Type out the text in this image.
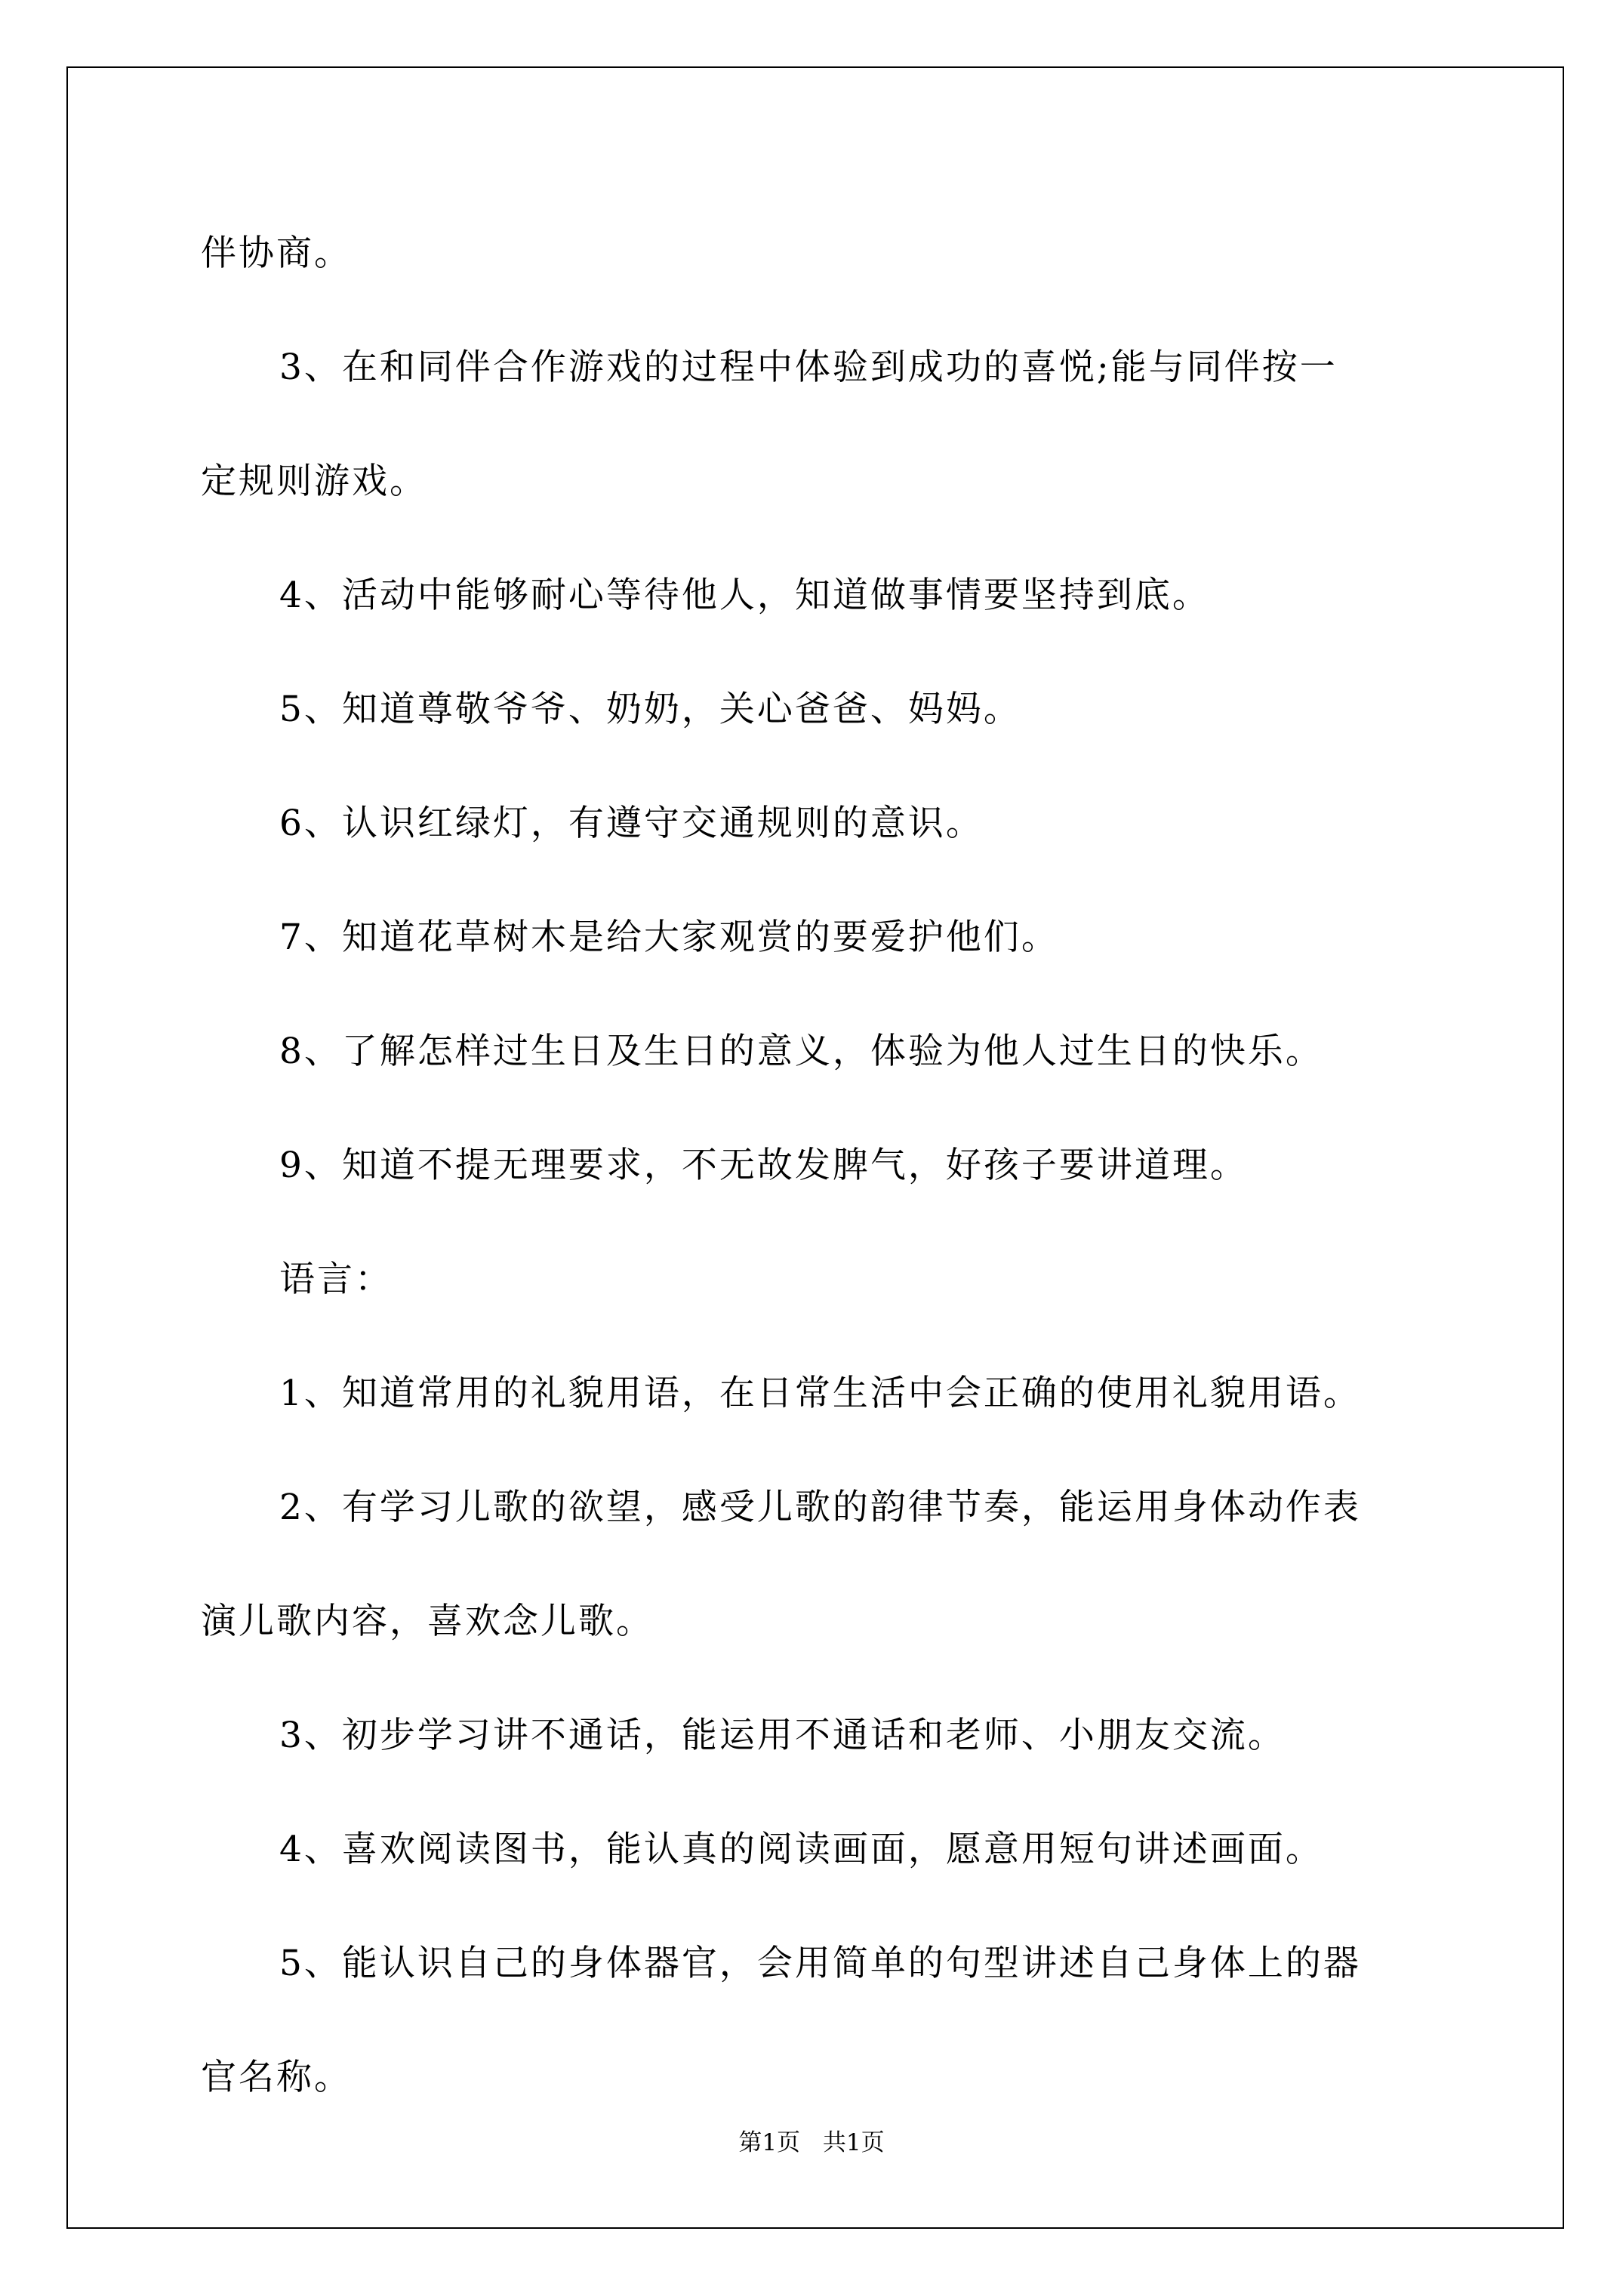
伴协商。
3、在和同伴合作游戏的过程中体验到成功的喜悦;能与同伴按一
定规则游戏。
4、活动中能够耐心等待他人，知道做事情要坚持到底。
5、知道尊敬爷爷、奶奶，关心爸爸、妈妈。
6、认识红绿灯，有遵守交通规则的意识。
7、知道花草树木是给大家观赏的要爱护他们。
8、了解怎样过生日及生日的意义，体验为他人过生日的快乐。
9、知道不提无理要求，不无故发脾气，好孩子要讲道理。
语言：
1、知道常用的礼貌用语，在日常生活中会正确的使用礼貌用语。
2、有学习儿歌的欲望，感受儿歌的韵律节奏，能运用身体动作表
演儿歌内容，喜欢念儿歌。
3、初步学习讲不通话，能运用不通话和老师、小朋友交流。
4、喜欢阅读图书，能认真的阅读画面，愿意用短句讲述画面。
5、能认识自己的身体器官，会用简单的句型讲述自己身体上的器
官名称。
第1页 共1页
